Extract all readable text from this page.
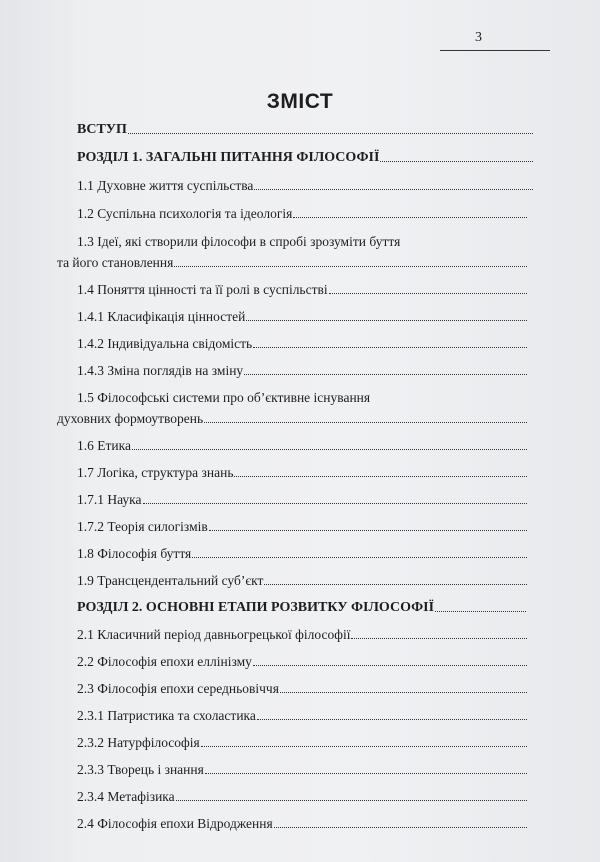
3
ЗМІСТ
ВСТУП
РОЗДІЛ 1. ЗАГАЛЬНІ ПИТАННЯ ФІЛОСОФІЇ
1.1 Духовне життя суспільства
1.2 Суспільна психологія та ідеологія
1.3 Ідеї, які створили філософи в спробі зрозуміти буття
та його становлення
1.4 Поняття цінності та її ролі в суспільстві
1.4.1 Класифікація цінностей
1.4.2 Індивідуальна свідомість
1.4.3 Зміна поглядів на зміну
1.5 Філософські системи про об’єктивне існування
духовних формоутворень
1.6 Етика
1.7 Логіка, структура знань
1.7.1 Наука
1.7.2 Теорія силогізмів
1.8 Філософія буття
1.9 Трансцендентальний суб’єкт
РОЗДІЛ 2. ОСНОВНІ ЕТАПИ РОЗВИТКУ ФІЛОСОФІЇ
2.1 Класичний період давньогрецької філософії
2.2 Філософія епохи еллінізму
2.3 Філософія епохи середньовіччя
2.3.1 Патристика та схоластика
2.3.2 Натурфілософія
2.3.3 Творець і знання
2.3.4 Метафізика
2.4 Філософія епохи Відродження
